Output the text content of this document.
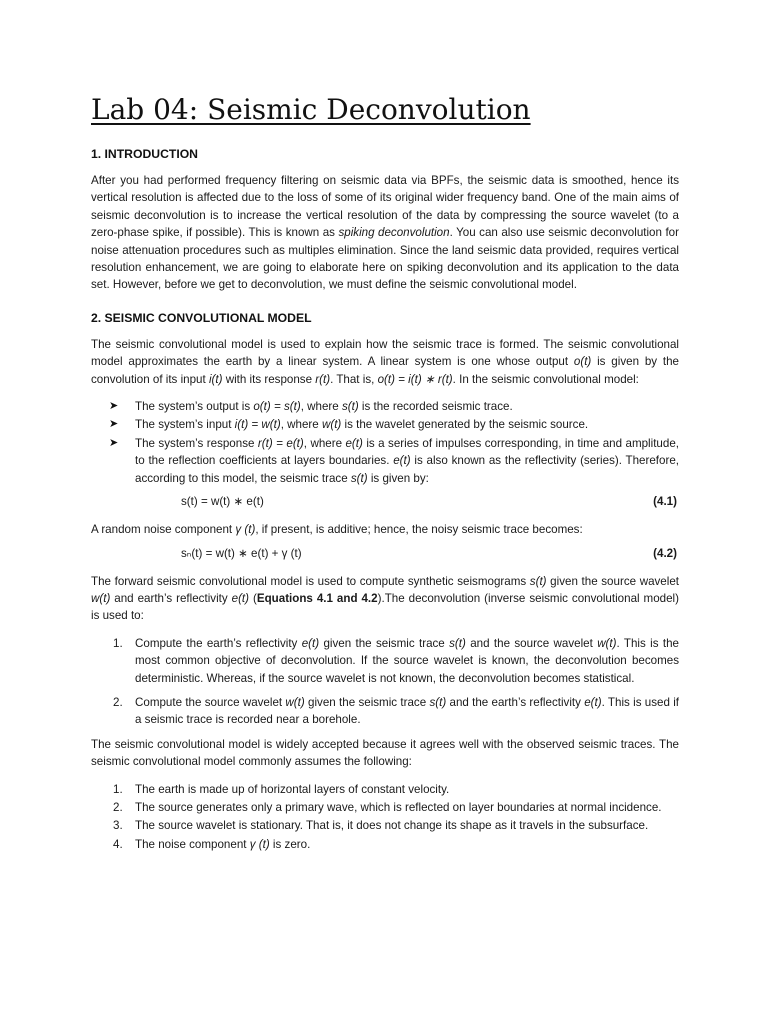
Lab 04: Seismic Deconvolution
1. INTRODUCTION

After you had performed frequency filtering on seismic data via BPFs, the seismic data is smoothed, hence its vertical resolution is affected due to the loss of some of its original wider frequency band. One of the main aims of seismic deconvolution is to increase the vertical resolution of the data by compressing the source wavelet (to a zero-phase spike, if possible). This is known as spiking deconvolution. You can also use seismic deconvolution for noise attenuation procedures such as multiples elimination. Since the land seismic data provided, requires vertical resolution enhancement, we are going to elaborate here on spiking deconvolution and its application to the data set. However, before we get to deconvolution, we must define the seismic convolutional model.

2. SEISMIC CONVOLUTIONAL MODEL

The seismic convolutional model is used to explain how the seismic trace is formed. The seismic convolutional model approximates the earth by a linear system. A linear system is one whose output o(t) is given by the convolution of its input i(t) with its response r(t). That is, o(t) = i(t) ∗ r(t). In the seismic convolutional model:

➤ The system’s output is o(t) = s(t), where s(t) is the recorded seismic trace.
➤ The system’s input i(t) = w(t), where w(t) is the wavelet generated by the seismic source.
➤ The system’s response r(t) = e(t), where e(t) is a series of impulses corresponding, in time and amplitude, to the reflection coefficients at layers boundaries. e(t) is also known as the reflectivity (series). Therefore, according to this model, the seismic trace s(t) is given by:
s(t) = w(t) ∗ e(t)	(4.1)

A random noise component γ (t), if present, is additive; hence, the noisy seismic trace becomes:

sₙ(t) = w(t) ∗ e(t) + γ (t)	(4.2)

The forward seismic convolutional model is used to compute synthetic seismograms s(t) given the source wavelet w(t) and earth’s reflectivity e(t) (Equations 4.1 and 4.2).The deconvolution (inverse seismic convolutional model) is used to:

1. Compute the earth’s reflectivity e(t) given the seismic trace s(t) and the source wavelet w(t). This is the most common objective of deconvolution. If the source wavelet is known, the deconvolution becomes deterministic. Whereas, if the source wavelet is not known, the deconvolution becomes statistical.
2. Compute the source wavelet w(t) given the seismic trace s(t) and the earth’s reflectivity e(t). This is used if a seismic trace is recorded near a borehole.

The seismic convolutional model is widely accepted because it agrees well with the observed seismic traces. The seismic convolutional model commonly assumes the following:

1. The earth is made up of horizontal layers of constant velocity.
2. The source generates only a primary wave, which is reflected on layer boundaries at normal incidence.
3. The source wavelet is stationary. That is, it does not change its shape as it travels in the subsurface.
4. The noise component γ (t) is zero.
